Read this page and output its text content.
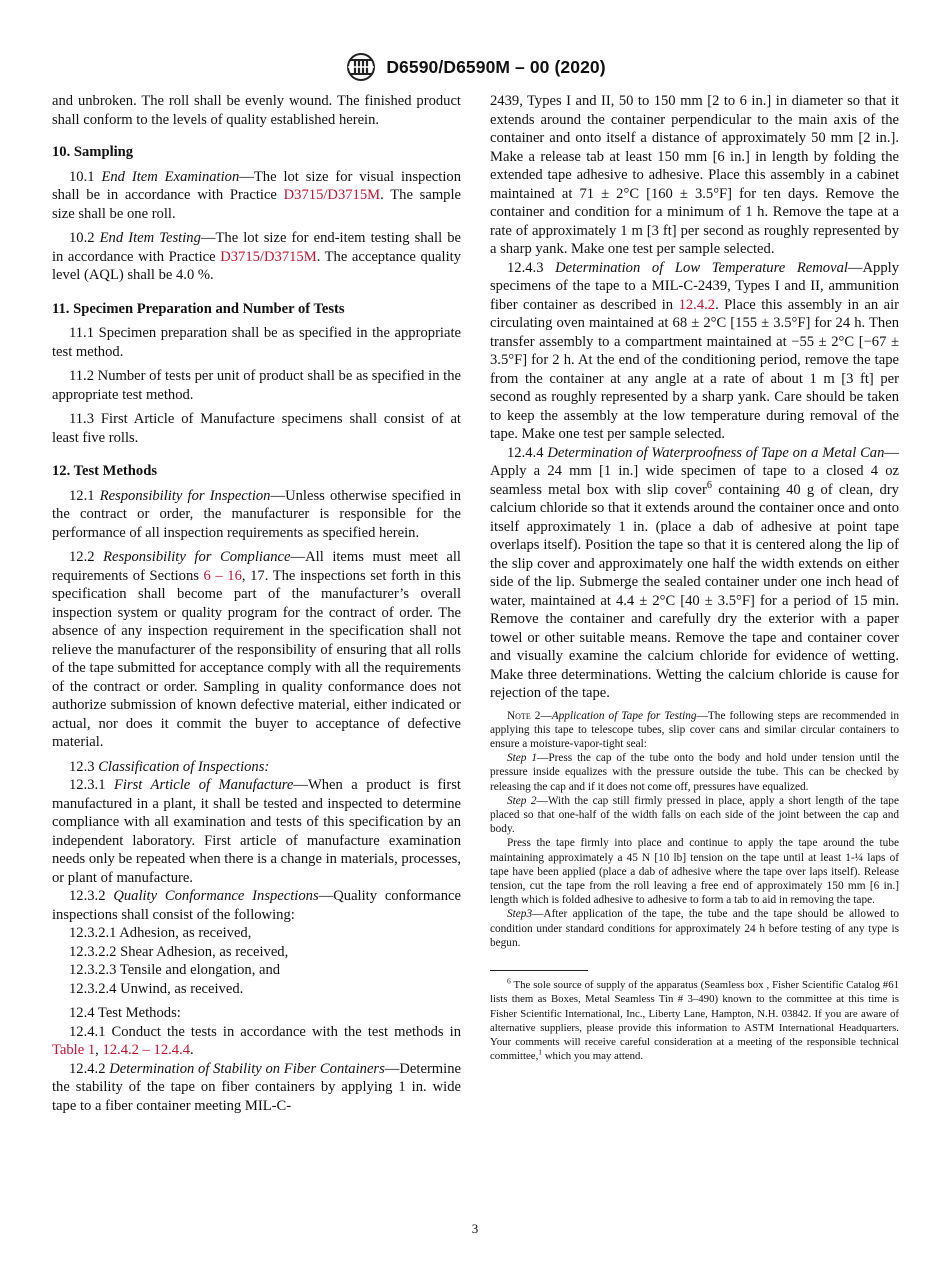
D6590/D6590M – 00 (2020)

and unbroken. The roll shall be evenly wound. The finished product shall conform to the levels of quality established herein.

10. Sampling

10.1 End Item Examination—The lot size for visual inspection shall be in accordance with Practice D3715/D3715M. The sample size shall be one roll.

10.2 End Item Testing—The lot size for end-item testing shall be in accordance with Practice D3715/D3715M. The acceptance quality level (AQL) shall be 4.0 %.

11. Specimen Preparation and Number of Tests

11.1 Specimen preparation shall be as specified in the appropriate test method.

11.2 Number of tests per unit of product shall be as specified in the appropriate test method.

11.3 First Article of Manufacture specimens shall consist of at least five rolls.

12. Test Methods

12.1 Responsibility for Inspection—Unless otherwise specified in the contract or order, the manufacturer is responsible for the performance of all inspection requirements as specified herein.

12.2 Responsibility for Compliance—All items must meet all requirements of Sections 6 – 16, 17. The inspections set forth in this specification shall become part of the manufacturer’s overall inspection system or quality program for the contract of order. The absence of any inspection requirement in the specification shall not relieve the manufacturer of the responsibility of ensuring that all rolls of the tape submitted for acceptance comply with all the requirements of the contract or order. Sampling in quality conformance does not authorize submission of known defective material, either indicated or actual, nor does it commit the buyer to acceptance of defective material.

12.3 Classification of Inspections:

12.3.1 First Article of Manufacture—When a product is first manufactured in a plant, it shall be tested and inspected to determine compliance with all examination and tests of this specification by an independent laboratory. First article of manufacture examination needs only be repeated when there is a change in materials, processes, or plant of manufacture.

12.3.2 Quality Conformance Inspections—Quality conformance inspections shall consist of the following:

12.3.2.1 Adhesion, as received,

12.3.2.2 Shear Adhesion, as received,

12.3.2.3 Tensile and elongation, and

12.3.2.4 Unwind, as received.

12.4 Test Methods:

12.4.1 Conduct the tests in accordance with the test methods in Table 1, 12.4.2 – 12.4.4.

12.4.2 Determination of Stability on Fiber Containers—Determine the stability of the tape on fiber containers by applying 1 in. wide tape to a fiber container meeting MIL-C-

2439, Types I and II, 50 to 150 mm [2 to 6 in.] in diameter so that it extends around the container perpendicular to the main axis of the container and onto itself a distance of approximately 50 mm [2 in.]. Make a release tab at least 150 mm [6 in.] in length by folding the extended tape adhesive to adhesive. Place this assembly in a cabinet maintained at 71 ± 2°C [160 ± 3.5°F] for ten days. Remove the container and condition for a minimum of 1 h. Remove the tape at a rate of approximately 1 m [3 ft] per second as roughly represented by a sharp yank. Make one test per sample selected.

12.4.3 Determination of Low Temperature Removal—Apply specimens of the tape to a MIL-C-2439, Types I and II, ammunition fiber container as described in 12.4.2. Place this assembly in an air circulating oven maintained at 68 ± 2°C [155 ± 3.5°F] for 24 h. Then transfer assembly to a compartment maintained at −55 ± 2°C [−67 ± 3.5°F] for 2 h. At the end of the conditioning period, remove the tape from the container at any angle at a rate of about 1 m [3 ft] per second as roughly represented by a sharp yank. Care should be taken to keep the assembly at the low temperature during removal of the tape. Make one test per sample selected.

12.4.4 Determination of Waterproofness of Tape on a Metal Can—Apply a 24 mm [1 in.] wide specimen of tape to a closed 4 oz seamless metal box with slip cover$^6$ containing 40 g of clean, dry calcium chloride so that it extends around the container once and onto itself approximately 1 in. (place a dab of adhesive at point tape overlaps itself). Position the tape so that it is centered along the lip of the slip cover and approximately one half the width extends on either side of the lip. Submerge the sealed container under one inch head of water, maintained at 4.4 ± 2°C [40 ± 3.5°F] for a period of 15 min. Remove the container and carefully dry the exterior with a paper towel or other suitable means. Remove the tape and container cover and visually examine the calcium chloride for evidence of wetting. Make three determinations. Wetting the calcium chloride is cause for rejection of the tape.

Note 2—Application of Tape for Testing—The following steps are recommended in applying this tape to telescope tubes, slip cover cans and similar circular containers to ensure a moisture-vapor-tight seal:

Step 1—Press the cap of the tube onto the body and hold under tension until the pressure inside equalizes with the pressure outside the tube. This can be checked by releasing the cap and if it does not come off, pressures have equalized.

Step 2—With the cap still firmly pressed in place, apply a short length of the tape placed so that one-half of the width falls on each side of the joint between the cap and body.

Press the tape firmly into place and continue to apply the tape around the tube maintaining approximately a 45 N [10 lb] tension on the tape until at least 1-¼ laps of tape have been applied (place a dab of adhesive where the tape over laps itself). Release tension, cut the tape from the roll leaving a free end of approximately 150 mm [6 in.] length which is folded adhesive to adhesive to form a tab to aid in removing the tape.

Step3—After application of the tape, the tube and the tape should be allowed to condition under standard conditions for approximately 24 h before testing of any type is begun.

$^6$ The sole source of supply of the apparatus (Seamless box , Fisher Scientific Catalog #61 lists them as Boxes, Metal Seamless Tin # 3–490) known to the committee at this time is Fisher Scientific International, Inc., Liberty Lane, Hampton, N.H. 03842. If you are aware of alternative suppliers, please provide this information to ASTM International Headquarters. Your comments will receive careful consideration at a meeting of the responsible technical committee,$^1$ which you may attend.

3
